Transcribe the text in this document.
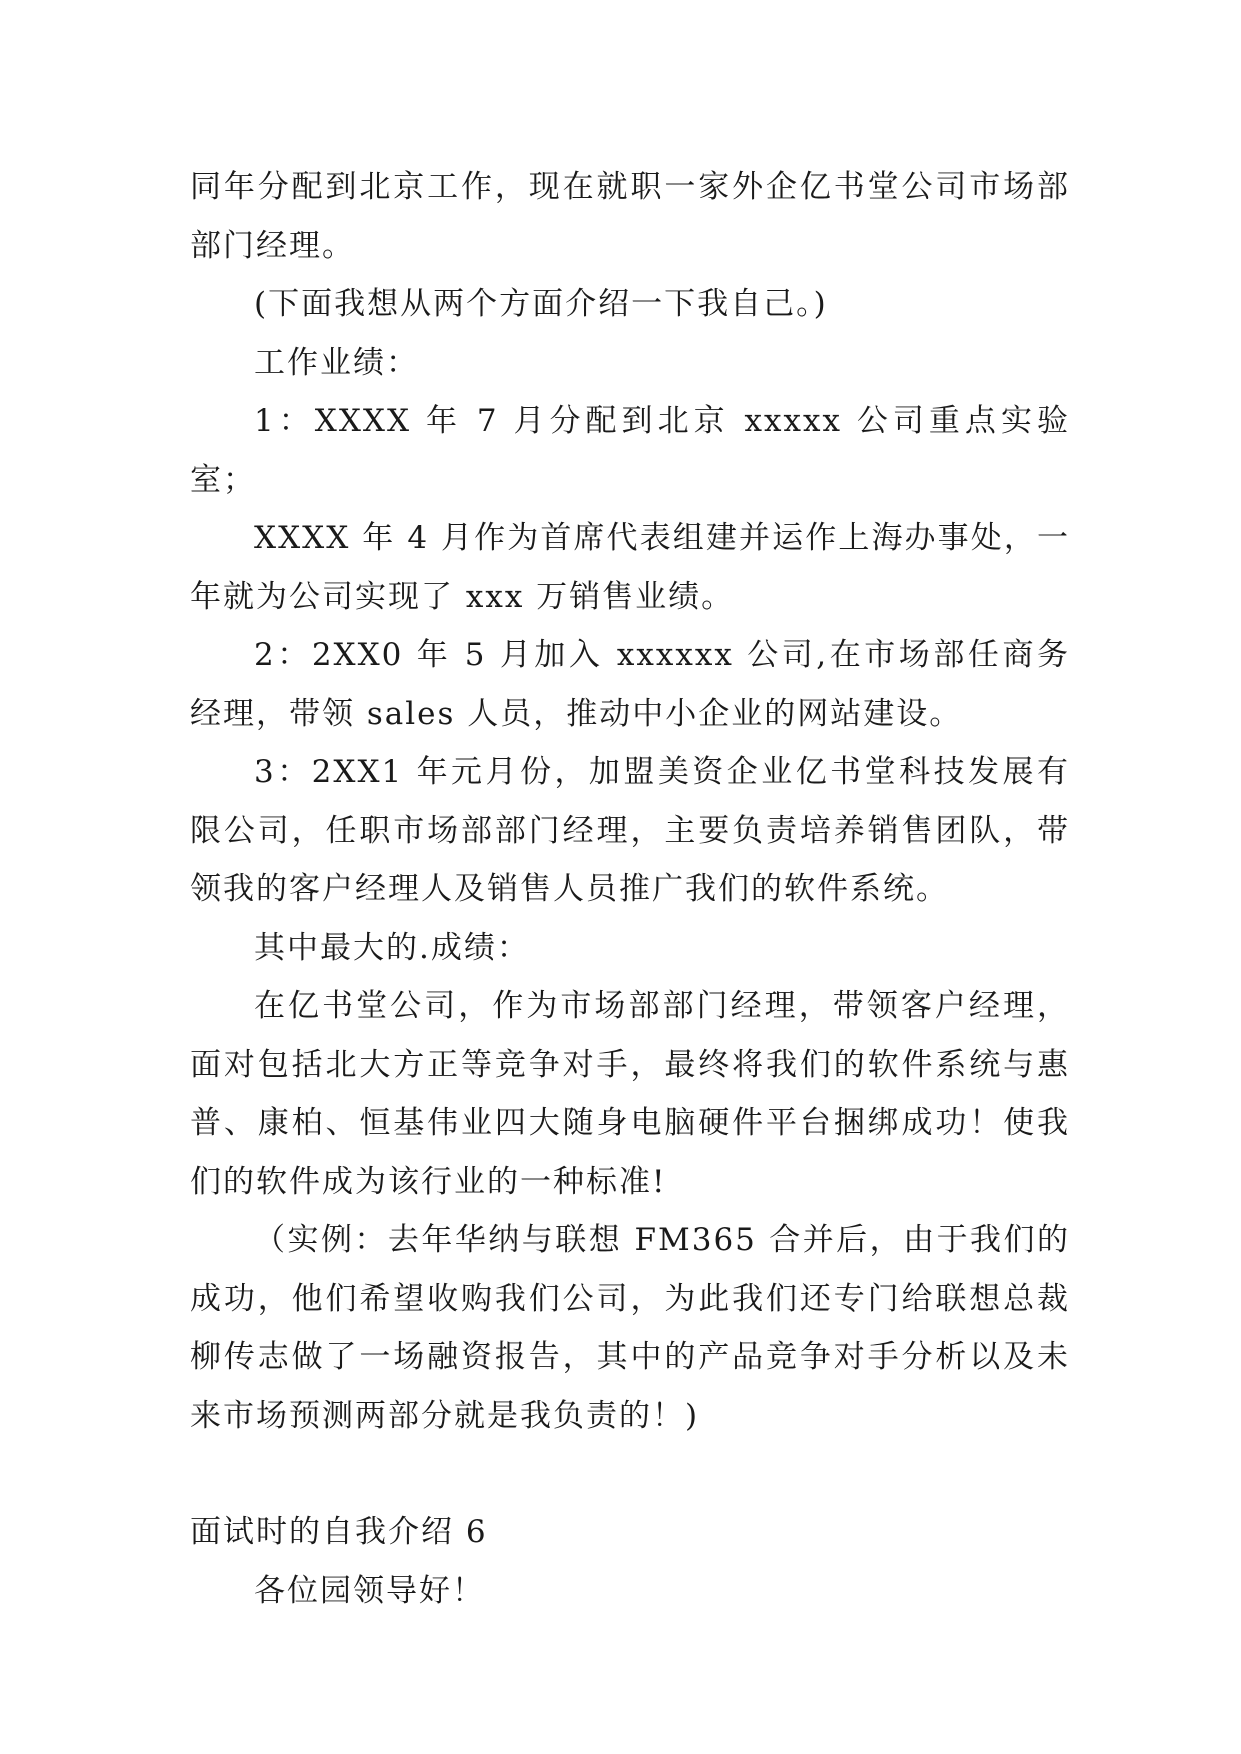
同年分配到北京工作，现在就职一家外企亿书堂公司市场部部门经理。

(下面我想从两个方面介绍一下我自己。)

工作业绩：

1：XXXX 年 7 月分配到北京 xxxxx 公司重点实验室；

XXXX 年 4 月作为首席代表组建并运作上海办事处，一年就为公司实现了 xxx 万销售业绩。

2：2XX0 年 5 月加入 xxxxxx 公司,在市场部任商务经理，带领 sales 人员，推动中小企业的网站建设。

3：2XX1 年元月份，加盟美资企业亿书堂科技发展有限公司，任职市场部部门经理，主要负责培养销售团队，带领我的客户经理人及销售人员推广我们的软件系统。

其中最大的.成绩：

在亿书堂公司，作为市场部部门经理，带领客户经理，面对包括北大方正等竞争对手，最终将我们的软件系统与惠普、康柏、恒基伟业四大随身电脑硬件平台捆绑成功！使我们的软件成为该行业的一种标准!

（实例：去年华纳与联想 FM365 合并后，由于我们的成功，他们希望收购我们公司，为此我们还专门给联想总裁柳传志做了一场融资报告，其中的产品竞争对手分析以及未来市场预测两部分就是我负责的！)

面试时的自我介绍 6

各位园领导好！
